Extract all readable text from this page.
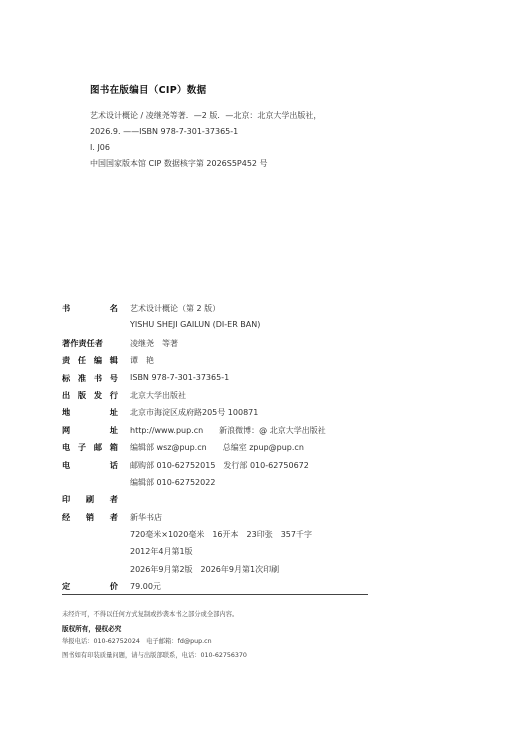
图书在版编目（CIP）数据
艺术设计概论 / 凌继尧等著．—2 版．—北京：北京大学出版社，
2026.9. ——ISBN 978-7-301-37365-1
Ⅰ. J06
中国国家版本馆 CIP 数据核字第 2026S5P452 号
书	名 艺术设计概论（第 2 版）
YISHU SHEJI GAILUN (DI-ER BAN)
著作责任者	凌继尧　等著
责 任 编 辑 谭　艳
标 准 书 号 ISBN 978-7-301-37365-1
出 版 发 行 北京大学出版社
地	址 北京市海淀区成府路205号 100871
网	址 http://www.pup.cn　　新浪微博：@ 北京大学出版社
电 子 邮 箱 编辑部 wsz@pup.cn　　总编室 zpup@pup.cn
电	话 邮购部 010-62752015　发行部 010-62750672
编辑部 010-62752022
印 刷 者
经 销 者 新华书店
720毫米×1020毫米　16开本　23印张　357千字
2012年4月第1版
2026年9月第2版　2026年9月第1次印刷
定	价 79.00元
未经许可，不得以任何方式复制或抄袭本书之部分或全部内容。
版权所有，侵权必究
举报电话：010-62752024　电子邮箱：fd@pup.cn
图书如有印装质量问题，请与出版部联系，电话：010-62756370
